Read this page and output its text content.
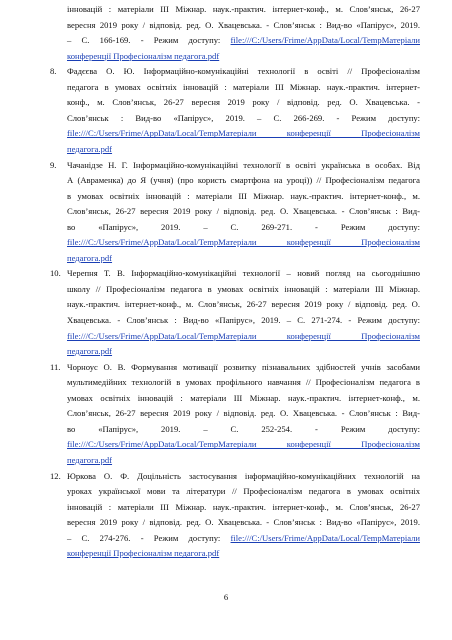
інновацій : матеріали ІІІ Міжнар. наук.-практич. інтернет-конф., м. Слов’янськ, 26-27
вересня 2019 року / відповід. ред. О. Хвацевська. - Слов’янськ : Вид-во «Папірус», 2019.
– С. 166-169. - Режим доступу: file:///C:/Users/Frime/AppData/Local/TempМатеріали
конференції Професіоналізм педагога.pdf
8. Фадєєва О. Ю. Інформаційно-комунікаційні технології в освіті // Професіоналізм
педагога в умовах освітніх інновацій : матеріали ІІІ Міжнар. наук.-практич. інтернет-
конф., м. Слов’янськ, 26-27 вересня 2019 року / відповід. ред. О. Хвацевська. -
Слов’янськ : Вид-во «Папірус», 2019. – С. 266-269. - Режим доступу:
file:///C:/Users/Frime/AppData/Local/TempМатеріали конференції Професіоналізм
педагога.pdf
9. Чачанідзе Н. Г. Інформаційно-комунікаційні технології в освіті українська в особах. Від
А (Авраменка) до Я (учня) (про користь смартфона на уроці)) // Професіоналізм педагога
в умовах освітніх інновацій : матеріали ІІІ Міжнар. наук.-практич. інтернет-конф., м.
Слов’янськ, 26-27 вересня 2019 року / відповід. ред. О. Хвацевська. - Слов’янськ : Вид-
во «Папірус», 2019. – С. 269-271. - Режим доступу:
file:///C:/Users/Frime/AppData/Local/TempМатеріали конференції Професіоналізм
педагога.pdf
10. Черепня Т. В. Інформаційно-комунікаційні технології – новий погляд на сьогоднішню
школу // Професіоналізм педагога в умовах освітніх інновацій : матеріали ІІІ Міжнар.
наук.-практич. інтернет-конф., м. Слов’янськ, 26-27 вересня 2019 року / відповід. ред. О.
Хвацевська. - Слов’янськ : Вид-во «Папірус», 2019. – С. 271-274. - Режим доступу:
file:///C:/Users/Frime/AppData/Local/TempМатеріали конференції Професіоналізм
педагога.pdf
11. Чорноус О. В. Формування мотивації розвитку пізнавальних здібностей учнів засобами
мультимедійних технологій в умовах профільного навчання // Професіоналізм педагога в
умовах освітніх інновацій : матеріали ІІІ Міжнар. наук.-практич. інтернет-конф., м.
Слов’янськ, 26-27 вересня 2019 року / відповід. ред. О. Хвацевська. - Слов’янськ : Вид-
во «Папірус», 2019. – С. 252-254. - Режим доступу:
file:///C:/Users/Frime/AppData/Local/TempМатеріали конференції Професіоналізм
педагога.pdf
12. Юркова О. Ф. Доцільність застосування інформаційно-комунікаційних технологій на
уроках української мови та літератури // Професіоналізм педагога в умовах освітніх
інновацій : матеріали ІІІ Міжнар. наук.-практич. інтернет-конф., м. Слов’янськ, 26-27
вересня 2019 року / відповід. ред. О. Хвацевська. - Слов’янськ : Вид-во «Папірус», 2019.
– С. 274-276. - Режим доступу: file:///C:/Users/Frime/AppData/Local/TempМатеріали
конференції Професіоналізм педагога.pdf
6
